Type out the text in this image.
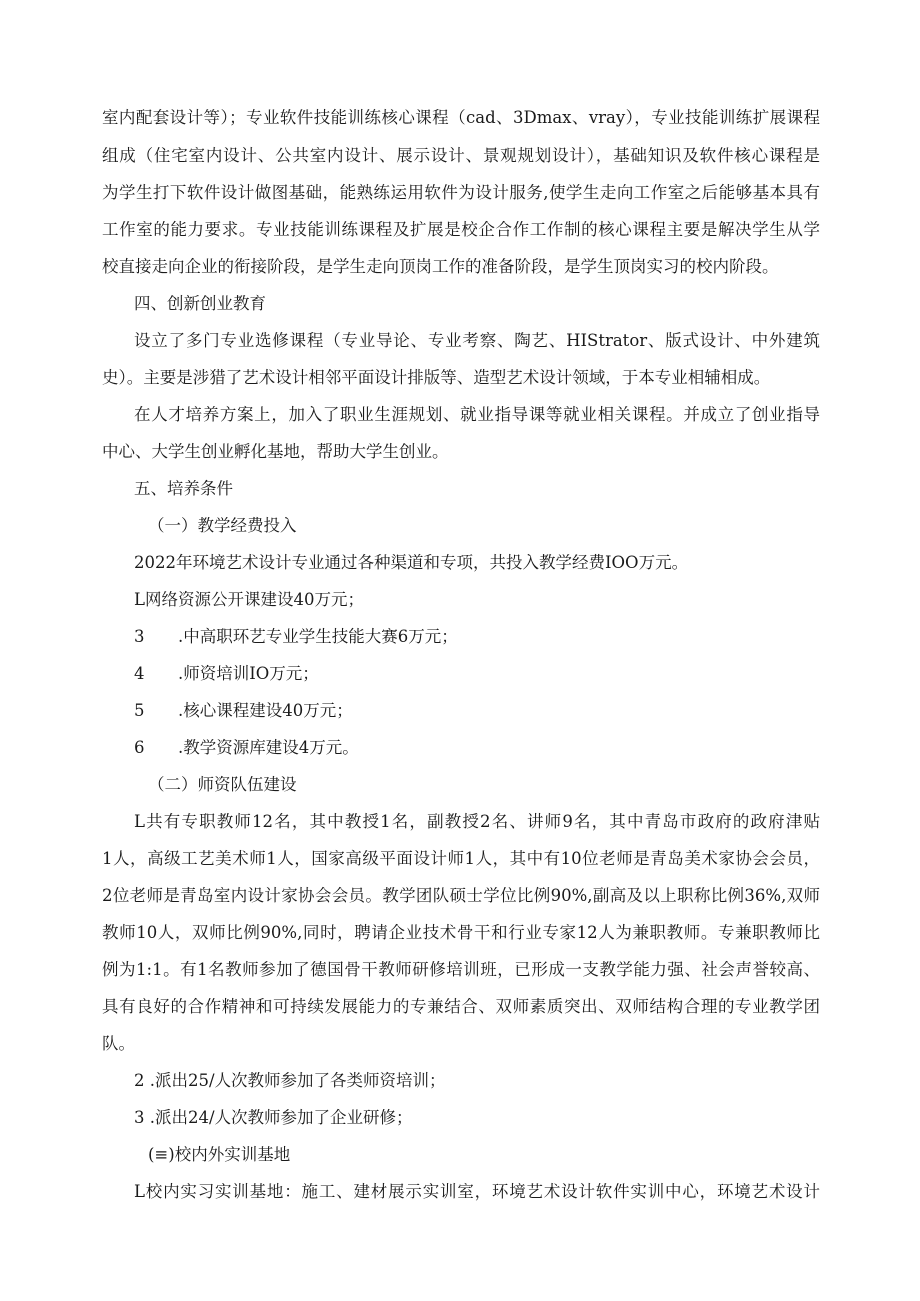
室内配套设计等）；专业软件技能训练核心课程（cad、3Dmax、vray），专业技能训练扩展课程

组成（住宅室内设计、公共室内设计、展示设计、景观规划设计），基础知识及软件核心课程是

为学生打下软件设计做图基础，能熟练运用软件为设计服务,使学生走向工作室之后能够基本具有

工作室的能力要求。专业技能训练课程及扩展是校企合作工作制的核心课程主要是解决学生从学

校直接走向企业的衔接阶段，是学生走向顶岗工作的准备阶段，是学生顶岗实习的校内阶段。

四、创新创业教育

设立了多门专业选修课程（专业导论、专业考察、陶艺、HIStrator、版式设计、中外建筑

史）。主要是涉猎了艺术设计相邻平面设计排版等、造型艺术设计领域，于本专业相辅相成。

在人才培养方案上，加入了职业生涯规划、就业指导课等就业相关课程。并成立了创业指导

中心、大学生创业孵化基地，帮助大学生创业。

五、培养条件

（一）教学经费投入

2022年环境艺术设计专业通过各种渠道和专项，共投入教学经费IOO万元。

L网络资源公开课建设40万元；

3 .中高职环艺专业学生技能大赛6万元；

4 .师资培训IO万元；

5 .核心课程建设40万元；

6 .教学资源库建设4万元。

（二）师资队伍建设

L共有专职教师12名，其中教授1名，副教授2名、讲师9名，其中青岛市政府的政府津贴

1人，高级工艺美术师1人，国家高级平面设计师1人，其中有10位老师是青岛美术家协会会员，

2位老师是青岛室内设计家协会会员。教学团队硕士学位比例90%,副高及以上职称比例36%,双师

教师10人，双师比例90%,同时，聘请企业技术骨干和行业专家12人为兼职教师。专兼职教师比

例为1:1。有1名教师参加了德国骨干教师研修培训班，已形成一支教学能力强、社会声誉较高、

具有良好的合作精神和可持续发展能力的专兼结合、双师素质突出、双师结构合理的专业教学团

队。

2 .派出25/人次教师参加了各类师资培训；

3 .派出24/人次教师参加了企业研修；

(≡)校内外实训基地

L校内实习实训基地：施工、建材展示实训室，环境艺术设计软件实训中心，环境艺术设计
